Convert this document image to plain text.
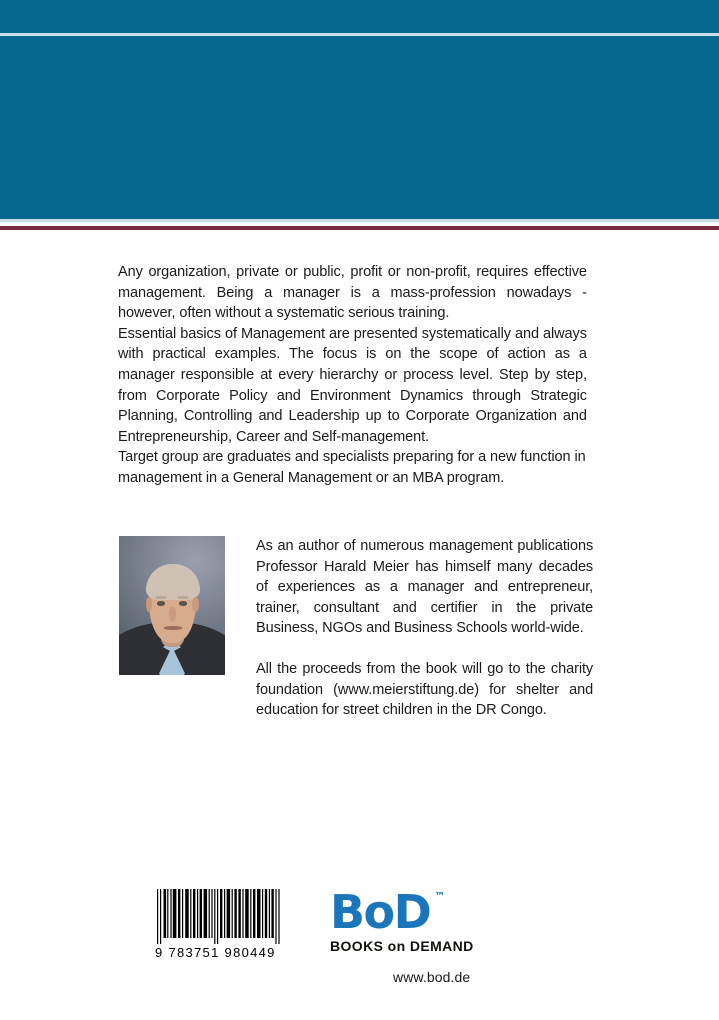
Any organization, private or public, profit or non-profit, requires effective management. Being a manager is a mass-profession nowadays - however, often without a systematic serious training.

Essential basics of Management are presented systematically and always with practical examples. The focus is on the scope of action as a manager responsible at every hierarchy or process level. Step by step, from Corporate Policy and Environment Dynamics through Strategic Planning, Controlling and Leadership up to Corporate Organization and Entrepreneurship, Career and Self-management.

Target group are graduates and specialists preparing for a new function in management in a General Management or an MBA program.

As an author of numerous management publications Professor Harald Meier has himself many decades of experiences as a manager and entrepreneur, trainer, consultant and certifier in the private Business, NGOs and Business Schools world-wide.

All the proceeds from the book will go to the charity foundation (www.meierstiftung.de) for shelter and education for street children in the DR Congo.

9 783751 980449
BoD ™
BOOKS on DEMAND
www.bod.de
